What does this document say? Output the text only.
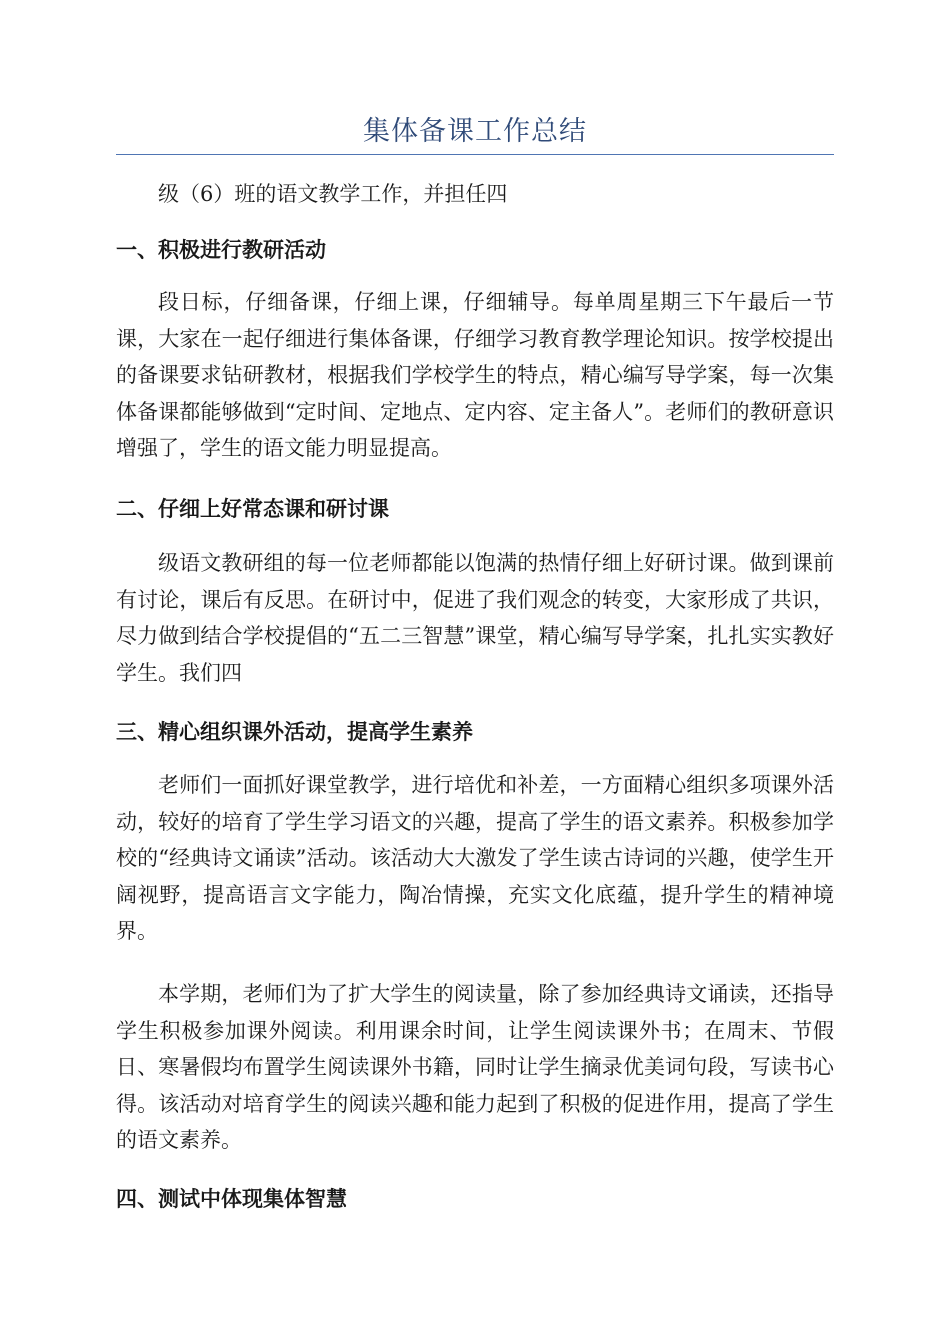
集体备课工作总结

级（6）班的语文教学工作，并担任四

一、积极进行教研活动

段日标，仔细备课，仔细上课，仔细辅导。每单周星期三下午最后一节课，大家在一起仔细进行集体备课，仔细学习教育教学理论知识。按学校提出的备课要求钻研教材，根据我们学校学生的特点，精心编写导学案，每一次集体备课都能够做到“定时间、定地点、定内容、定主备人”。老师们的教研意识增强了，学生的语文能力明显提高。

二、仔细上好常态课和研讨课

级语文教研组的每一位老师都能以饱满的热情仔细上好研讨课。做到课前有讨论，课后有反思。在研讨中，促进了我们观念的转变，大家形成了共识，尽力做到结合学校提倡的“五二三智慧”课堂，精心编写导学案，扎扎实实教好学生。我们四

三、精心组织课外活动，提高学生素养

老师们一面抓好课堂教学，进行培优和补差，一方面精心组织多项课外活动，较好的培育了学生学习语文的兴趣，提高了学生的语文素养。积极参加学校的“经典诗文诵读”活动。该活动大大激发了学生读古诗词的兴趣，使学生开阔视野，提高语言文字能力，陶冶情操，充实文化底蕴，提升学生的精神境界。

本学期，老师们为了扩大学生的阅读量，除了参加经典诗文诵读，还指导学生积极参加课外阅读。利用课余时间，让学生阅读课外书；在周末、节假日、寒暑假均布置学生阅读课外书籍，同时让学生摘录优美词句段，写读书心得。该活动对培育学生的阅读兴趣和能力起到了积极的促进作用，提高了学生的语文素养。

四、测试中体现集体智慧
